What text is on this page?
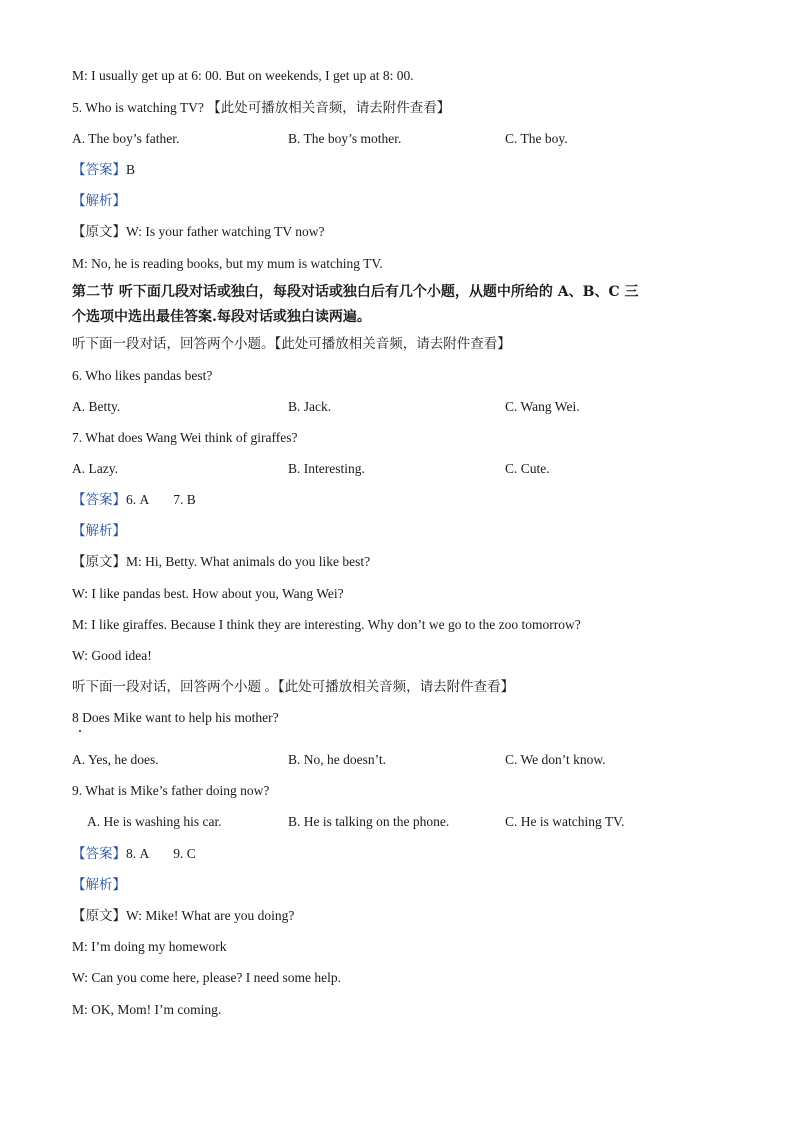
M: I usually get up at 6: 00. But on weekends, I get up at 8: 00.
5. Who is watching TV? 【此处可播放相关音频，请去附件查看】
A. The boy’s father.	B. The boy’s mother.	C. The boy.
【答案】B
【解析】
【原文】W: Is your father watching TV now?
M: No, he is reading books, but my mum is watching TV.
第二节 听下面几段对话或独白，每段对话或独白后有几个小题，从题中所给的 A、B、C 三
个选项中选出最佳答案.每段对话或独白读两遍。
听下面一段对话，回答两个小题。【此处可播放相关音频，请去附件查看】
6. Who likes pandas best?
A. Betty.	B. Jack.	C. Wang Wei.
7. What does Wang Wei think of giraffes?
A. Lazy.	B. Interesting.	C. Cute.
【答案】6. A 7. B
【解析】
【原文】M: Hi, Betty. What animals do you like best?
W: I like pandas best. How about you, Wang Wei?
M: I like giraffes. Because I think they are interesting. Why don’t we go to the zoo tomorrow?
W: Good idea!
听下面一段对话，回答两个小题 。【此处可播放相关音频，请去附件查看】
8 Does Mike want to help his mother?
A. Yes, he does.	B. No, he doesn’t.	C. We don’t know.
9. What is Mike’s father doing now?
A. He is washing his car.	B. He is talking on the phone.	C. He is watching TV.
【答案】8. A 9. C
【解析】
【原文】W: Mike! What are you doing?
M: I’m doing my homework
W: Can you come here, please? I need some help.
M: OK, Mom! I’m coming.
